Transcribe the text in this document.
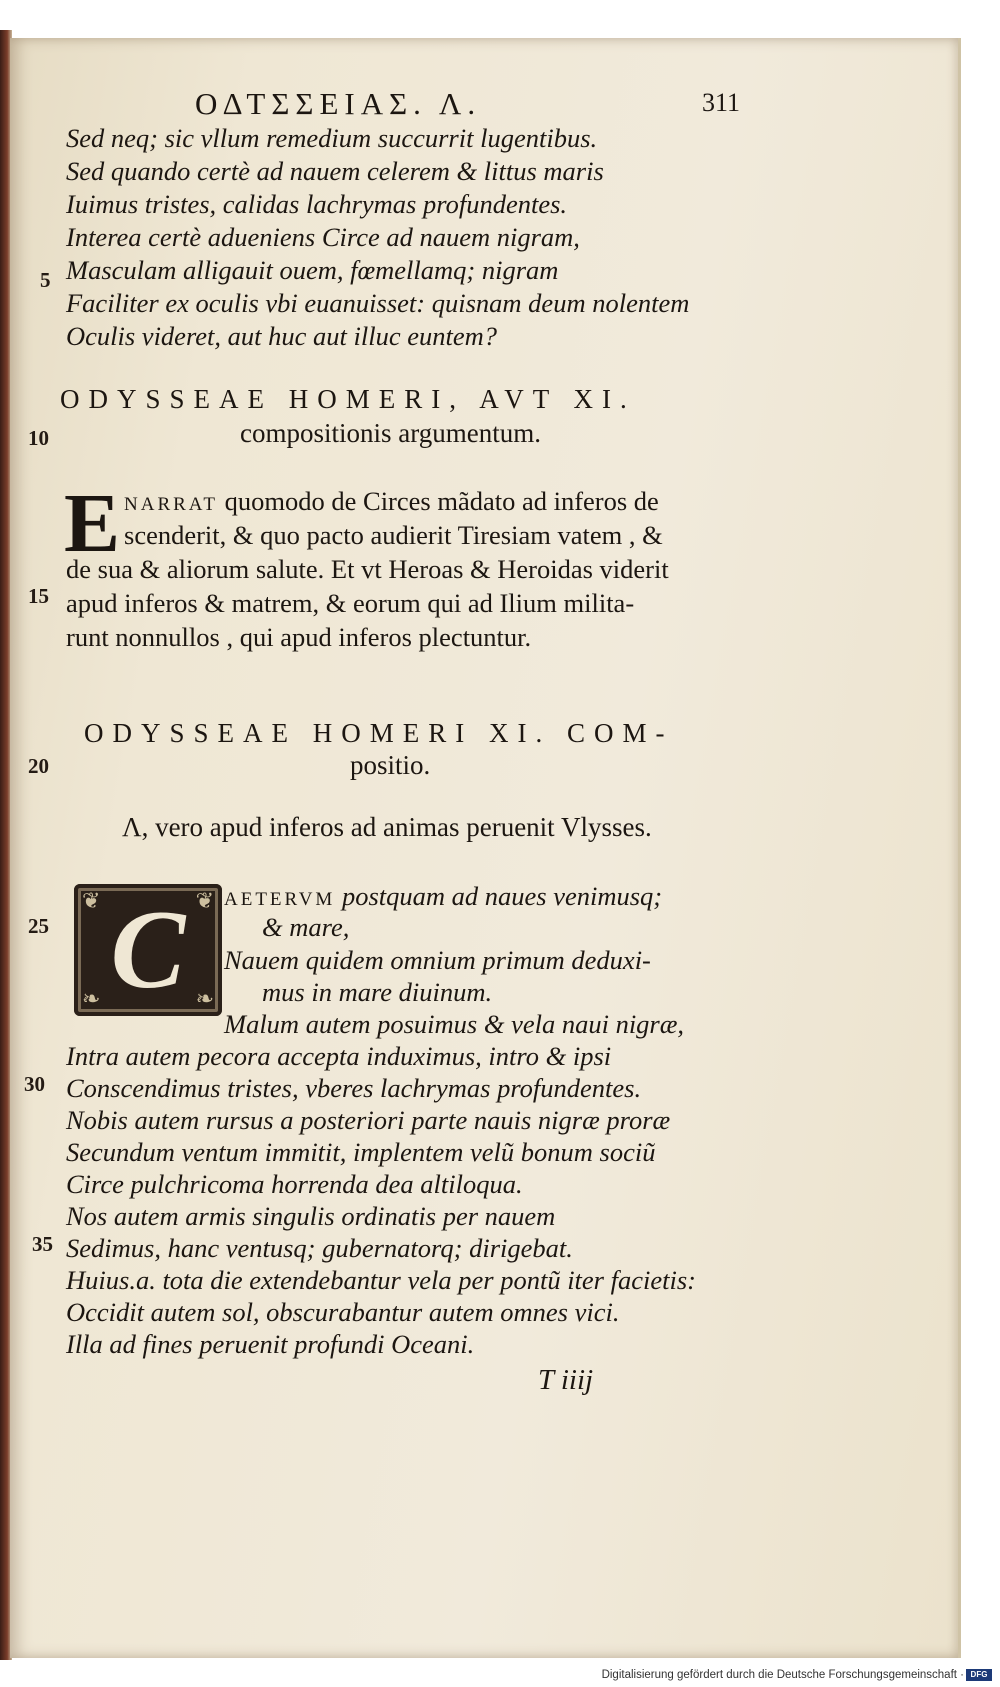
ΟΔΤΣΣΕΙΑΣ. Λ.	311
Sed neq; sic vllum remedium succurrit lugentibus.
Sed quando certè ad nauem celerem & littus maris
Iuimus tristes, calidas lachrymas profundentes.
Interea certè adueniens Circe ad nauem nigram,
Masculam alligauit ouem, fœmellamq; nigram
Faciliter ex oculis vbi euanuisset: quisnam deum nolentem
Oculis videret, aut huc aut illuc euntem?
ODYSSEAE HOMERI, AVT XI.
compositionis argumentum.
E NARRAT quomodo de Circes mãdato ad inferos de
scenderit, & quo pacto audierit Tiresiam vatem , &
de sua & aliorum salute. Et vt Heroas & Heroidas viderit
apud inferos & matrem, & eorum qui ad Ilium milita-
runt nonnullos , qui apud inferos plectuntur.
ODYSSEAE HOMERI XI. COM-
positio.
Λ, vero apud inferos ad animas peruenit Vlysses.
❦	❦
❧	❧
C	AETERVM postquam ad naues venimusq;
& mare,
Nauem quidem omnium primum deduxi-
mus in mare diuinum.
Malum autem posuimus & vela naui nigræ,
Intra autem pecora accepta induximus, intro & ipsi
Conscendimus tristes, vberes lachrymas profundentes.
Nobis autem rursus a posteriori parte nauis nigræ proræ
Secundum ventum immitit, implentem velũ bonum sociũ
Circe pulchricoma horrenda dea altiloqua.
Nos autem armis singulis ordinatis per nauem
Sedimus, hanc ventusq; gubernatorq; dirigebat.
Huius.a. tota die extendebantur vela per pontũ iter facietis:
Occidit autem sol, obscurabantur autem omnes vici.
Illa ad fines peruenit profundi Oceani.
T iiij
5
10
15
20
25
30
35
Digitalisierung gefördert durch die Deutsche Forschungsgemeinschaft · DFG
